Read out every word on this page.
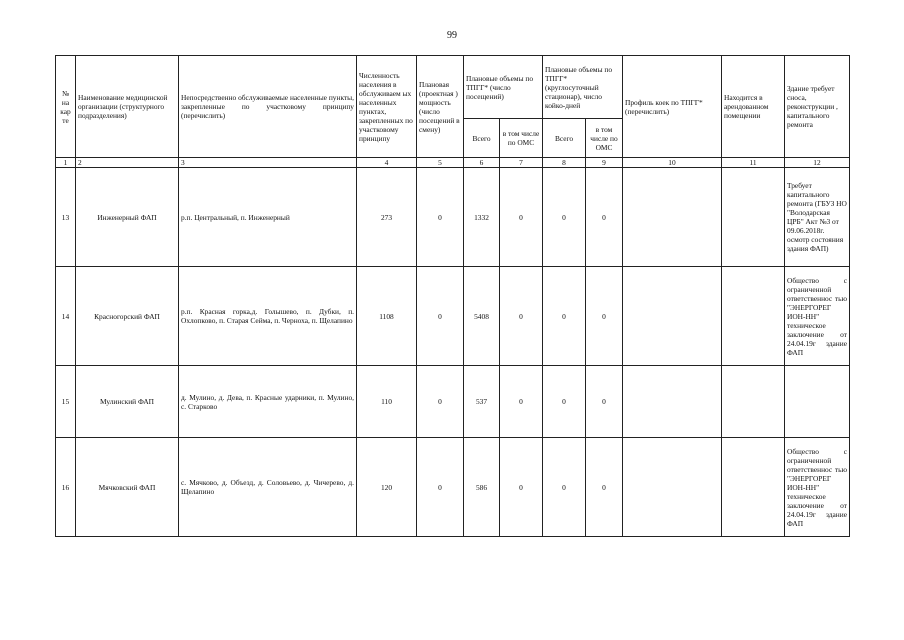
99
№ на кар те	Наименование медицинской организации (структурного подразделения)	Непосредственно обслуживаемые населенные пункты, закрепленные по участковому принципу (перечислить)	Численность населения в обслуживаем ых населенных пунктах, закрепленных по участковому принципу	Плановая (проектная ) мощность (число посещений в смену)	Плановые объемы по ТПГГ* (число посещений)		Плановые объемы по ТПГГ* (круглосуточный стационар), число койко-дней		Профиль коек по ТПГГ* (перечислить)	Находится в арендованном помещении	Здание требует сноса, реконструкции , капитального ремонта
					Всего	в том числе по ОМС	Всего	в том числе по ОМС			
1	2	3	4	5	6	7	8	9	10	11	12
13	Инженерный ФАП	р.п. Центральный, п. Инженерный	273	0	1332	0	0	0			Требует капитального ремонта (ГБУЗ НО "Володарская ЦРБ" Акт №3 от 09.06.2018г. осмотр состояния здания ФАП)
14	Красногорский ФАП	р.п. Красная горка,д. Голышево, п. Дубки, п. Охлопково, п. Старая Сейма, п. Черноха, п. Щелапино	1108	0	5408	0	0	0			Общество с ограниченной ответственнос тью "ЭНЕРГОРЕГ ИОН-НН" техническое заключение от 24.04.19г здание ФАП
15	Мулинский ФАП	д. Мулино, д. Дева, п. Красные ударники, п. Мулино, с. Старково	110	0	537	0	0	0			
16	Мячковский ФАП	с. Мячково, д. Объезд, д. Соловьево, д. Чичерево, д. Щелапино	120	0	586	0	0	0			Общество с ограниченной ответственнос тью "ЭНЕРГОРЕГ ИОН-НН" техническое заключение от 24.04.19г здание ФАП
